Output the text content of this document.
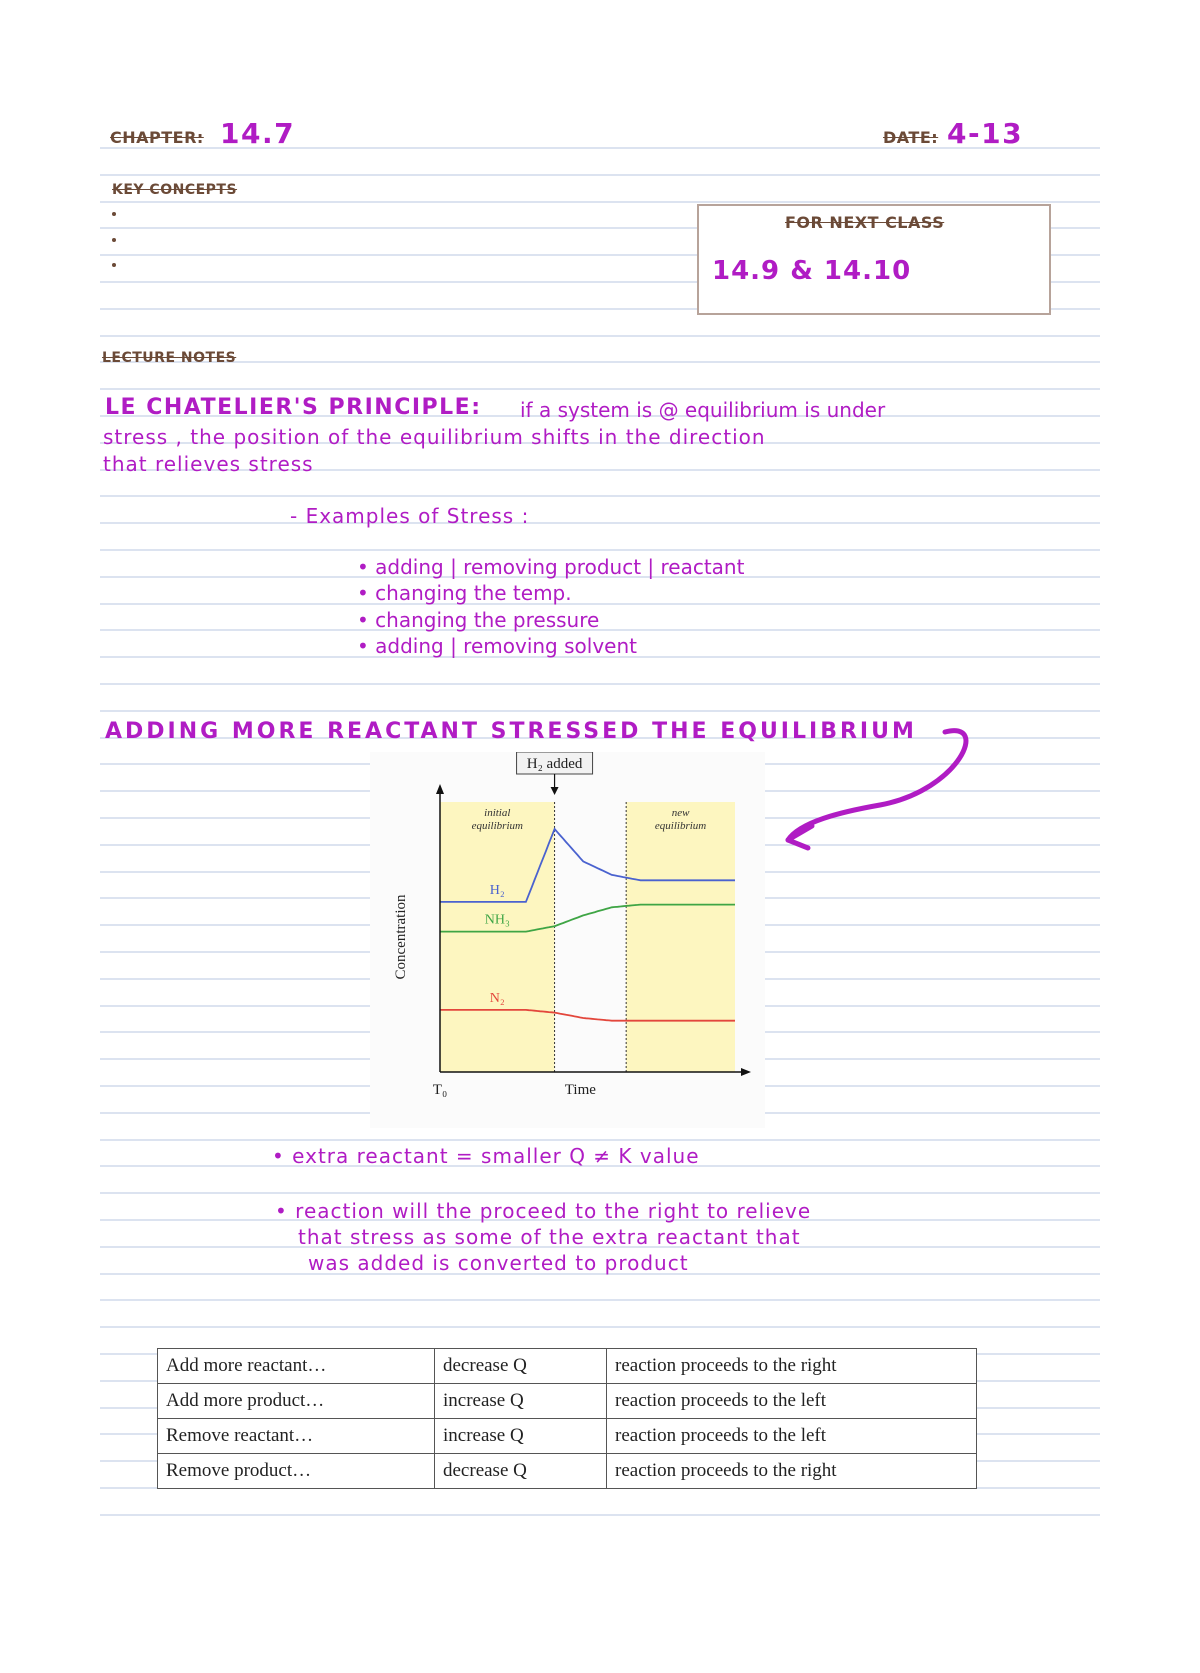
CHAPTER: 14.7	DATE: 4-13
KEY CONCEPTS
FOR NEXT CLASS
14.9 & 14.10
LECTURE NOTES
LE CHATELIER'S PRINCIPLE: if a system is @ equilibrium is under
stress , the position of the equilibrium shifts in the direction
that relieves stress
- Examples of Stress :
• adding | removing product | reactant
• changing the temp.
• changing the pressure
• adding | removing solvent
ADDING MORE REACTANT STRESSED THE EQUILIBRIUM
H₂
NH₃
N₂
H₂ added
initial equilibrium
new equilibrium
Concentration
Time
T₀
• extra reactant = smaller Q ≠ K value
• reaction will the proceed to the right to relieve
that stress as some of the extra reactant that
was added is converted to product
Add more reactant…	decrease Q	reaction proceeds to the right
Add more product…	increase Q	reaction proceeds to the left
Remove reactant…	increase Q	reaction proceeds to the left
Remove product…	decrease Q	reaction proceeds to the right
